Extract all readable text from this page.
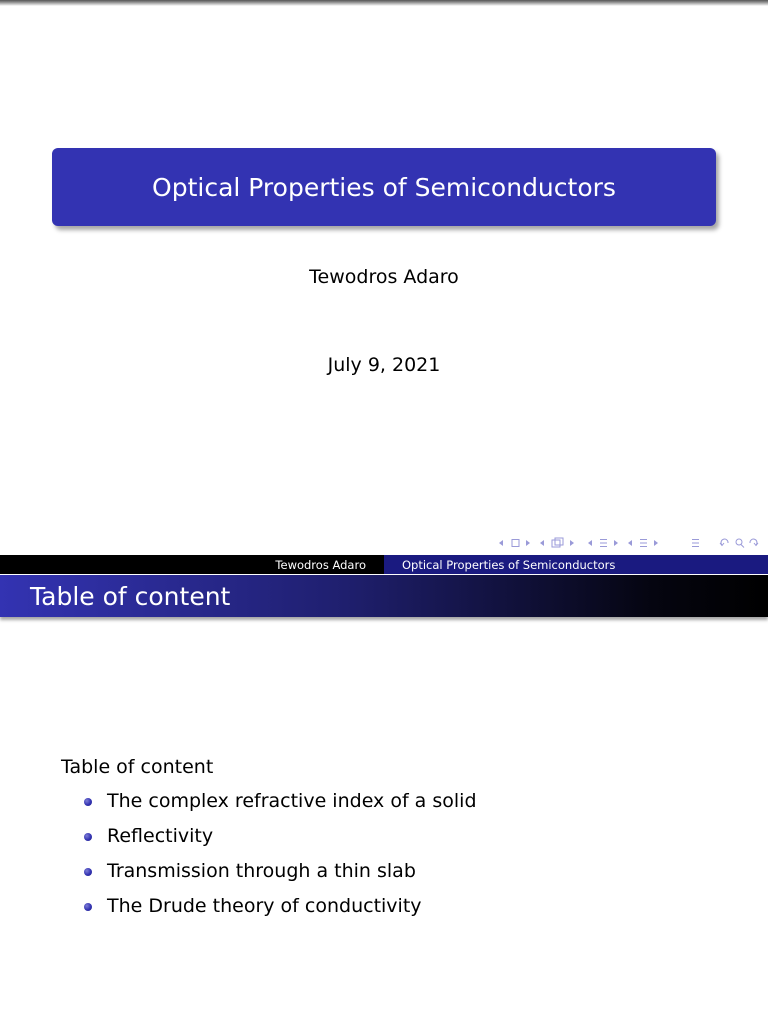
Optical Properties of Semiconductors
Tewodros Adaro
July 9, 2021
Tewodros Adaro	Optical Properties of Semiconductors
Table of content
Table of content
The complex refractive index of a solid
Reflectivity
Transmission through a thin slab
The Drude theory of conductivity
